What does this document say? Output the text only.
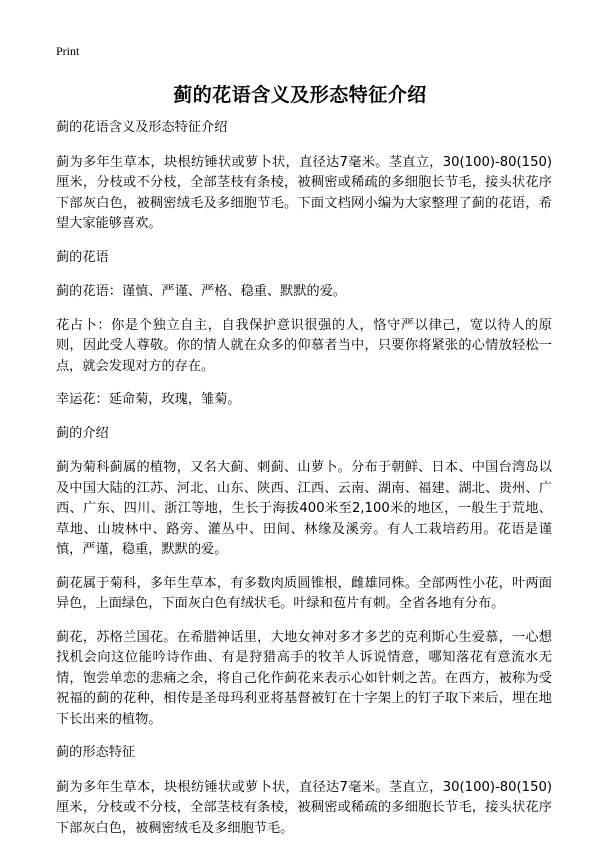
Print
蓟的花语含义及形态特征介绍

蓟的花语含义及形态特征介绍

蓟为多年生草本，块根纺锤状或萝卜状，直径达7毫米。茎直立，30(100)-80(150)厘米，分枝或不分枝，全部茎枝有条棱，被稠密或稀疏的多细胞长节毛，接头状花序下部灰白色，被稠密绒毛及多细胞节毛。下面文档网小编为大家整理了蓟的花语，希望大家能够喜欢。

蓟的花语

蓟的花语：谨慎、严谨、严格、稳重、默默的爱。

花占卜：你是个独立自主，自我保护意识很强的人，恪守严以律己，宽以待人的原则，因此受人尊敬。你的情人就在众多的仰慕者当中，只要你将紧张的心情放轻松一点，就会发现对方的存在。

幸运花：延命菊，玫瑰，雏菊。

蓟的介绍

蓟为菊科蓟属的植物，又名大蓟、刺蓟、山萝卜。分布于朝鲜、日本、中国台湾岛以及中国大陆的江苏、河北、山东、陕西、江西、云南、湖南、福建、湖北、贵州、广西、广东、四川、浙江等地，生长于海拔400米至2,100米的地区，一般生于荒地、草地、山坡林中、路旁、灌丛中、田间、林缘及溪旁。有人工栽培药用。花语是谨慎，严谨，稳重，默默的爱。

蓟花属于菊科，多年生草本，有多数肉质圆锥根，雌雄同株。全部两性小花，叶两面异色，上面绿色，下面灰白色有绒状毛。叶绿和苞片有刺。全省各地有分布。

蓟花，苏格兰国花。在希腊神话里，大地女神对多才多艺的克利斯心生爱慕，一心想找机会向这位能吟诗作曲、有是狩猎高手的牧羊人诉说情意，哪知落花有意流水无情，饱尝单恋的悲痛之余，将自己化作蓟花来表示心如针刺之苦。在西方，被称为受祝福的蓟的花种，相传是圣母玛利亚将基督被钉在十字架上的钉子取下来后，埋在地下长出来的植物。

蓟的形态特征

蓟为多年生草本，块根纺锤状或萝卜状，直径达7毫米。茎直立，30(100)-80(150)厘米，分枝或不分枝，全部茎枝有条棱，被稠密或稀疏的多细胞长节毛，接头状花序下部灰白色，被稠密绒毛及多细胞节毛。
